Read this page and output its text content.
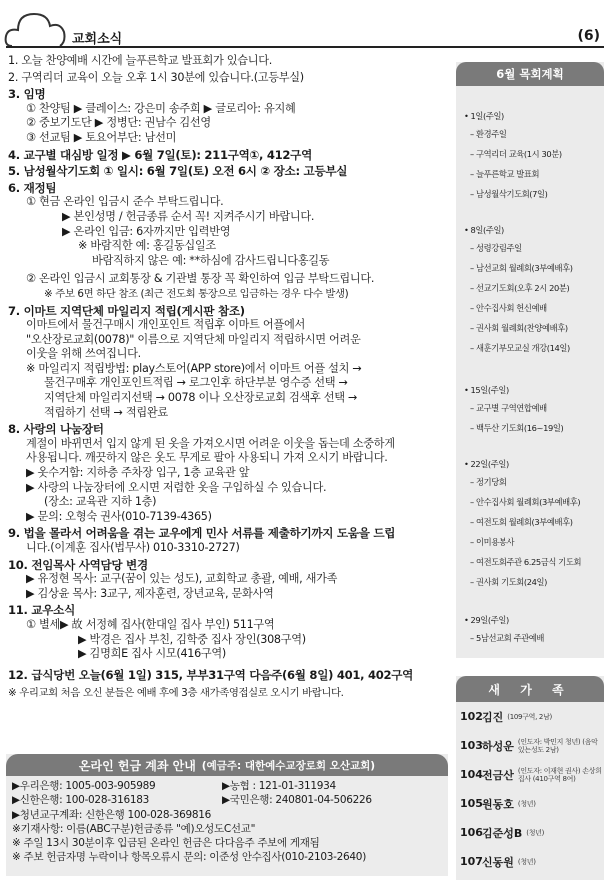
교회소식	(6)
1. 오늘 찬양예배 시간에 늘푸른학교 발표회가 있습니다.
2. 구역리더 교육이 오늘 오후 1시 30분에 있습니다.(고등부실)
3. 임명
① 찬양팀 ▶ 클레이스: 강은미 송주희 ▶ 글로리아: 유지혜
② 중보기도단 ▶ 정병단: 권남수 김선영
③ 선교팀 ▶ 토요어부단: 남선미
4. 교구별 대심방 일정 ▶ 6월 7일(토): 211구역①, 412구역
5. 남성월삭기도회 ① 일시: 6월 7일(토) 오전 6시 ② 장소: 고등부실
6. 재정팀
① 현금 온라인 입금시 준수 부탁드립니다.
▶ 본인성명 / 헌금종류 순서 꼭! 지켜주시기 바랍니다.
▶ 온라인 입금: 6자까지만 입력반영
※ 바람직한 예: 홍길동십일조
바람직하지 않은 예: **하심에 감사드립니다홍길동
② 온라인 입금시 교회통장 & 기관별 통장 꼭 확인하여 입금 부탁드립니다.
※ 주보 6면 하단 참조 (최근 전도회 통장으로 입금하는 경우 다수 발생)
7. 이마트 지역단체 마일리지 적립(게시판 참조)
이마트에서 물건구매시 개인포인트 적립후 이마트 어플에서
"오산장로교회(0078)" 이름으로 지역단체 마일리지 적립하시면 어려운
이웃을 위해 쓰여집니다.
※ 마일리지 적립방법: play스토어(APP store)에서 이마트 어플 설치 →
물건구매후 개인포인트적립 → 로그인후 하단부분 영수증 선택 →
지역단체 마일리지선택 → 0078 이나 오산장로교회 검색후 선택 →
적립하기 선택 → 적립완료
8. 사랑의 나눔장터
계절이 바뀌면서 입지 않게 된 옷을 가져오시면 어려운 이웃을 돕는데 소중하게
사용됩니다. 깨끗하지 않은 옷도 무게로 팔아 사용되니 가져 오시기 바랍니다.
▶ 옷수거함: 지하층 주차장 입구, 1층 교육관 앞
▶ 사랑의 나눔장터에 오시면 저렴한 옷을 구입하실 수 있습니다.
(장소: 교육관 지하 1층)
▶ 문의: 오형숙 권사(010-7139-4365)
9. 법을 몰라서 어려움을 겪는 교우에게 민사 서류를 제출하기까지 도움을 드립
니다.(이계훈 집사(법무사) 010-3310-2727)
10. 전임목사 사역담당 변경
▶ 유정현 목사: 교구(꿈이 있는 성도), 교회학교 총괄, 예배, 새가족
▶ 김상윤 목사: 3교구, 제자훈련, 장년교육, 문화사역
11. 교우소식
① 별세▶ 故 서정혜 집사(한대일 집사 부인) 511구역
▶ 박경은 집사 부친, 김학중 집사 장인(308구역)
▶ 김명희E 집사 시모(416구역)
12. 급식당번 오늘(6월 1일) 315, 부부31구역 다음주(6월 8일) 401, 402구역
※ 우리교회 처음 오신 분들은 예배 후에 3층 새가족영접실로 오시기 바랍니다.
온라인 헌금 계좌 안내 (예금주: 대한예수교장로회 오산교회)
▶우리은행: 1005-003-905989	▶농협 : 121-01-311934
▶신한은행: 100-028-316183	▶국민은행: 240801-04-506226
▶청년교구계좌: 신한은행 100-028-369816
※기재사항: 이름(ABC구분)헌금종류 "예)오성도C선교"
※ 주일 13시 30분이후 입금된 온라인 헌금은 다다음주 주보에 게재됨
※ 주보 헌금자명 누락이나 항목오류시 문의: 이준성 안수집사(010-2103-2640)
6월 목회계획
• 1일(주일)
– 환경주일
– 구역리더 교육(1시 30분)
– 늘푸른학교 발표회
– 남성월삭기도회(7일)
• 8일(주일)
– 성령강림주일
– 남선교회 월례회(3부예배후)
– 선교기도회(오후 2시 20분)
– 안수집사회 헌신예배
– 권사회 월례회(찬양예배후)
– 새훈기부모교실 개강(14일)
• 15일(주일)
– 교구별 구역연합예배
– 백두산 기도회(16~19일)
• 22일(주일)
– 정기당회
– 안수집사회 월례회(3부예배후)
– 여전도회 월례회(3부예배후)
– 이미용봉사
– 여전도회주관 6.25금식 기도회
– 권사회 기도회(24일)
• 29일(주일)
– 5남선교회 주관예배
새 가 족
102 김진 (109구역, 2남)
103 하성운 (인도자: 박민지 청년) (음악있는성도 2남)
104 전금산 (인도자: 이재현 권사) 손상희 집사 (410구역 8여)
105 원동호 (청년)
106 김준성B (청년)
107 신동원 (청년)
